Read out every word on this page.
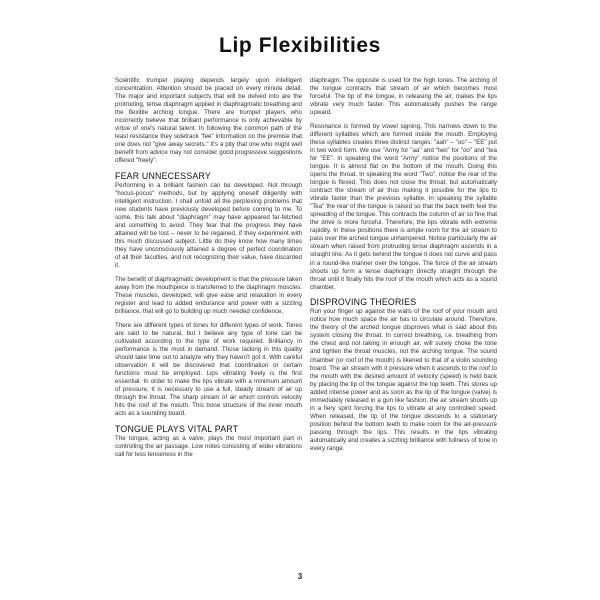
Lip Flexibilities

Scientific trumpet playing depends largely upon intelligent concentration. Attention should be placed on every minute detail. The major and important subjects that will be delved into are the protruding, tense diaphragm applied in diaphragmatic breathing and the flexible arching tongue. There are trumpet players who incorrectly believe that brilliant performance is only achievable by virtue of one's natural talent. In following the common path of the least resistance they sidetrack "fee" information on the premise that one does not "give away secrets." It's a pity that one who might well benefit from advice may not consider good progressive suggestions offered "freely".

FEAR UNNECESSARY

Performing in a brilliant fashion can be developed. Not through "hocus-pocus" methods, but by applying oneself diligently with intelligent instruction. I shall unfold all the perplexing problems that new students have previously developed before coming to me. To some, this talk about "diaphragm" may have appeared far-fetched and something to avoid. They fear that the progress they have attained will be lost – never to be regained, if they experiment with this much discussed subject. Little do they know how many times they have unconsciously attained a degree of perfect coordination of all their faculties, and not recognizing their value, have discarded it.

The benefit of diaphragmatic development is that the pressure taken away from the mouthpiece is transferred to the diaphragm muscles. These muscles, developed, will give ease and relaxation in every register and lead to added endurance and power with a sizzling brilliance, that will go to building up much needed confidence.

There are different types of tones for different types of work. Tones are said to be natural, but I believe any type of tone can be cultivated according to the type of work required. Brilliancy in performance is the most in demand. Those lacking in this quality should take time out to analyze why they haven't got it. With careful observation it will be discovered that coordination or certain functions must be employed. Lips vibrating freely is the first essential. In order to make the lips vibrate with a minimum amount of pressure, it is necessary to use a full, steady stream of air up through the throat. The sharp stream of air which controls velocity hits the roof of the mouth. This bone structure of the inner mouth acts as a sounding board.

TONGUE PLAYS VITAL PART

The tongue, acting as a valve, plays the most important part in controlling the air passage. Low notes consisting of wider vibrations call for less tenseness in the

diaphragm. The opposite is used for the high tones. The arching of the tongue contracts that stream of air which becomes most forceful. The tip of the tongue, in releasing the air, makes the lips vibrate very much faster. This automatically pushes the range upward.

Resonance is formed by vowel signing. This narrows down to the different syllables which are formed inside the mouth. Employing these syllables creates three distinct ranges: "aah" – "oo" – "EE" put in two word form. We use "Army for "aa" and "two" for "oo" and "tea for "EE". In speaking the word "Army" notice the positions of the tongue. It is almost flat on the bottom of the mouth. Doing this opens the throat. In speaking the word "Two", notice the rear of the tongue is flexed. This does not close the throat, but automatically contract the stream of air thus making it possible for the lips to vibrate faster than the previous syllable. In speaking the syllable "Tea" the rear of the tongue is raised so that the back teeth feel the spreading of the tongue. This contracts the column of air so fine that the drive is more forceful. Therefore, the lips vibrate with extreme rapidity. In these positions there is ample room for the air stream to pass over the arched tongue unhampered. Notice particularly the air stream when raised from protruding tense diaphragm ascends in a straight line. As it gets behind the tongue it does not curve and pass in a round-like manner over the tongue. The force of the air stream shoots up form a tense diaphragm directly straight through the throat until it finally hits the roof of the mouth which acts as a sound chamber.

DISPROVING THEORIES

Run your finger up against the walls of the roof of your mouth and notice how much space the air has to circulate around. Therefore, the theory of the arched tongue disproves what is said about this system closing the throat. In correct breathing, i.e. breathing from the chest and not taking in enough air, will surely choke the tone and tighten the throat muscles, not the arching tongue. The sound chamber (or roof of the mouth) is likened to that of a violin sounding board. The air stream with it pressure when it ascends to the roof to the mouth with the desired amount of velocity (speed) is held back by placing the tip of the tongue against the top teeth. This stores up added intense power and as soon as the tip of the tongue (valve) is immediately released in a gun like fashion, the air stream shoots up in a fiery spirit forcing the lips to vibrate at any controlled speed. When released, the tip of the tongue descends to a stationary position behind the bottom teeth to make room for the air-pressure passing through the lips. This results in the lips vibrating automatically and creates a sizzling brilliance with fullness of tone in every range.

3
